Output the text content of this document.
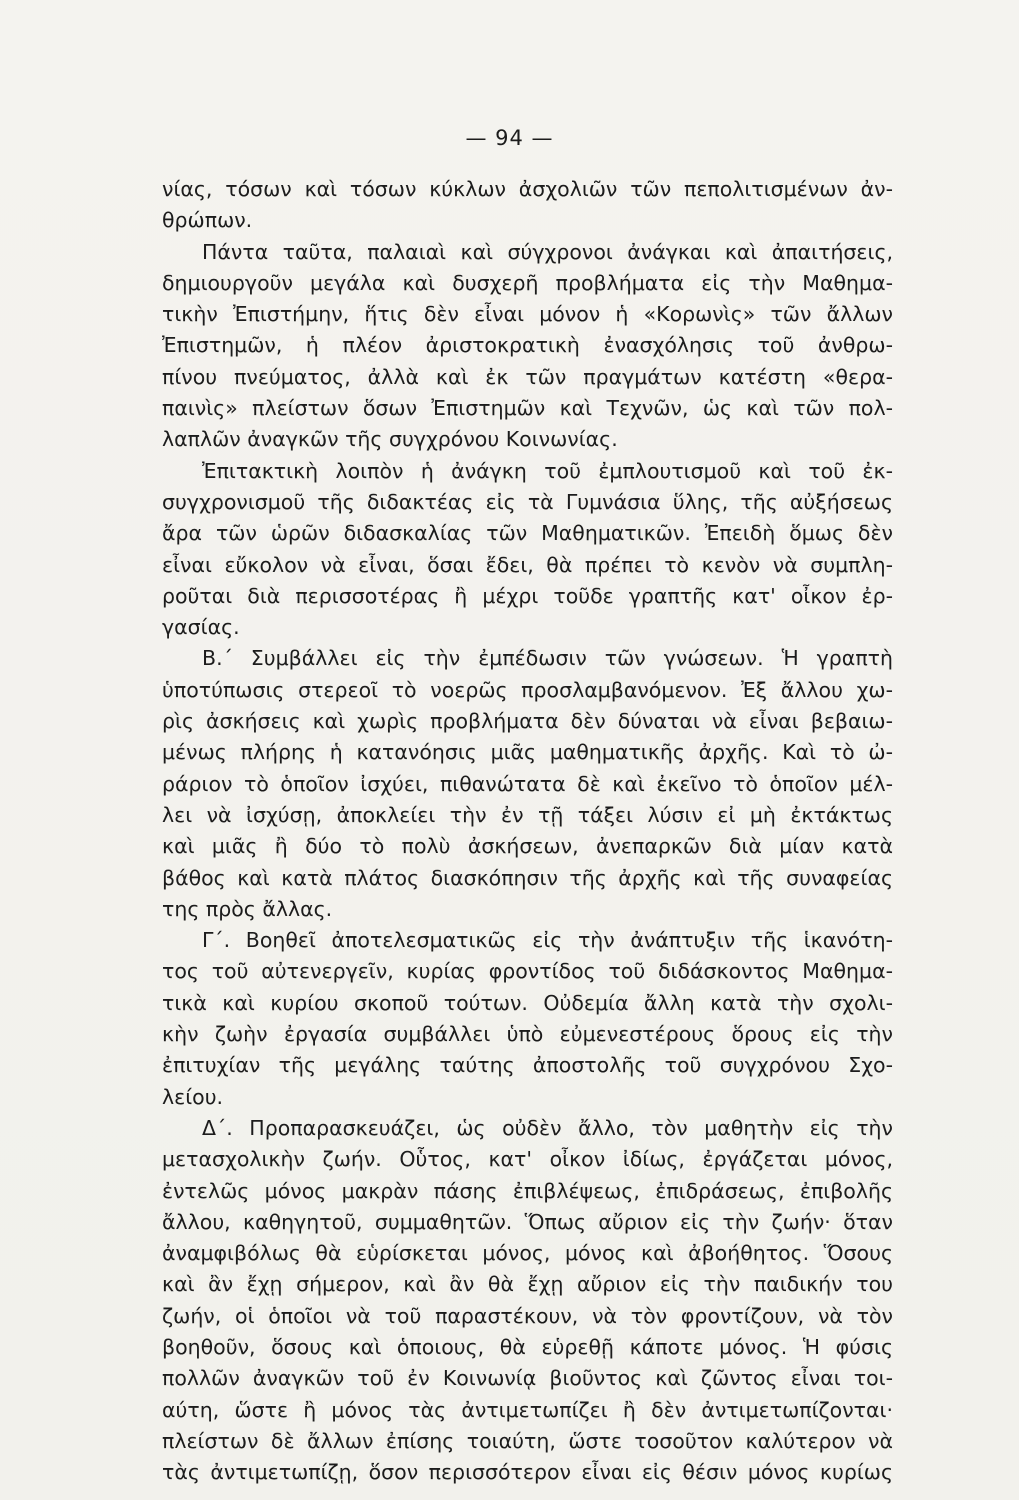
— 94 —
νίας, τόσων καὶ τόσων κύκλων ἀσχολιῶν τῶν πεπολιτισμένων ἀν-
θρώπων.
Πάντα ταῦτα, παλαιαὶ καὶ σύγχρονοι ἀνάγκαι καὶ ἀπαιτήσεις,
δημιουργοῦν μεγάλα καὶ δυσχερῆ προβλήματα εἰς τὴν Μαθημα-
τικὴν Ἐπιστήμην, ἥτις δὲν εἶναι μόνον ἡ «Κορωνὶς» τῶν ἄλλων
Ἐπιστημῶν, ἡ πλέον ἀριστοκρατικὴ ἐνασχόλησις τοῦ ἀνθρω-
πίνου πνεύματος, ἀλλὰ καὶ ἐκ τῶν πραγμάτων κατέστη «θερα-
παινὶς» πλείστων ὅσων Ἐπιστημῶν καὶ Τεχνῶν, ὡς καὶ τῶν πολ-
λαπλῶν ἀναγκῶν τῆς συγχρόνου Κοινωνίας.
Ἐπιτακτικὴ λοιπὸν ἡ ἀνάγκη τοῦ ἐμπλουτισμοῦ καὶ τοῦ ἐκ-
συγχρονισμοῦ τῆς διδακτέας εἰς τὰ Γυμνάσια ὕλης, τῆς αὐξήσεως
ἄρα τῶν ὡρῶν διδασκαλίας τῶν Μαθηματικῶν. Ἐπειδὴ ὅμως δὲν
εἶναι εὔκολον νὰ εἶναι, ὅσαι ἔδει, θὰ πρέπει τὸ κενὸν νὰ συμπλη-
ροῦται διὰ περισσοτέρας ἢ μέχρι τοῦδε γραπτῆς κατ' οἶκον ἐρ-
γασίας.
Β.΄ Συμβάλλει εἰς τὴν ἐμπέδωσιν τῶν γνώσεων. Ἡ γραπτὴ
ὑποτύπωσις στερεοῖ τὸ νοερῶς προσλαμβανόμενον. Ἐξ ἄλλου χω-
ρὶς ἀσκήσεις καὶ χωρὶς προβλήματα δὲν δύναται νὰ εἶναι βεβαιω-
μένως πλήρης ἡ κατανόησις μιᾶς μαθηματικῆς ἀρχῆς. Καὶ τὸ ὠ-
ράριον τὸ ὁποῖον ἰσχύει, πιθανώτατα δὲ καὶ ἐκεῖνο τὸ ὁποῖον μέλ-
λει νὰ ἰσχύσῃ, ἀποκλείει τὴν ἐν τῇ τάξει λύσιν εἰ μὴ ἐκτάκτως
καὶ μιᾶς ἢ δύο τὸ πολὺ ἀσκήσεων, ἀνεπαρκῶν διὰ μίαν κατὰ
βάθος καὶ κατὰ πλάτος διασκόπησιν τῆς ἀρχῆς καὶ τῆς συναφείας
της πρὸς ἄλλας.
Γ΄. Βοηθεῖ ἀποτελεσματικῶς εἰς τὴν ἀνάπτυξιν τῆς ἱκανότη-
τος τοῦ αὐτενεργεῖν, κυρίας φροντίδος τοῦ διδάσκοντος Μαθημα-
τικὰ καὶ κυρίου σκοποῦ τούτων. Οὐδεμία ἄλλη κατὰ τὴν σχολι-
κὴν ζωὴν ἐργασία συμβάλλει ὑπὸ εὐμενεστέρους ὅρους εἰς τὴν
ἐπιτυχίαν τῆς μεγάλης ταύτης ἀποστολῆς τοῦ συγχρόνου Σχο-
λείου.
Δ΄. Προπαρασκευάζει, ὡς οὐδὲν ἄλλο, τὸν μαθητὴν εἰς τὴν
μετασχολικὴν ζωήν. Οὗτος, κατ' οἶκον ἰδίως, ἐργάζεται μόνος,
ἐντελῶς μόνος μακρὰν πάσης ἐπιβλέψεως, ἐπιδράσεως, ἐπιβολῆς
ἄλλου, καθηγητοῦ, συμμαθητῶν. Ὅπως αὔριον εἰς τὴν ζωήν· ὅταν
ἀναμφιβόλως θὰ εὑρίσκεται μόνος, μόνος καὶ ἀβοήθητος. Ὅσους
καὶ ἂν ἔχῃ σήμερον, καὶ ἂν θὰ ἔχῃ αὔριον εἰς τὴν παιδικήν του
ζωήν, οἱ ὁποῖοι νὰ τοῦ παραστέκουν, νὰ τὸν φροντίζουν, νὰ τὸν
βοηθοῦν, ὅσους καὶ ὁποιους, θὰ εὑρεθῇ κάποτε μόνος. Ἡ φύσις
πολλῶν ἀναγκῶν τοῦ ἐν Κοινωνίᾳ βιοῦντος καὶ ζῶντος εἶναι τοι-
αύτη, ὥστε ἢ μόνος τὰς ἀντιμετωπίζει ἢ δὲν ἀντιμετωπίζονται·
πλείστων δὲ ἄλλων ἐπίσης τοιαύτη, ὥστε τοσοῦτον καλύτερον νὰ
τὰς ἀντιμετωπίζῃ, ὅσον περισσότερον εἶναι εἰς θέσιν μόνος κυρίως
